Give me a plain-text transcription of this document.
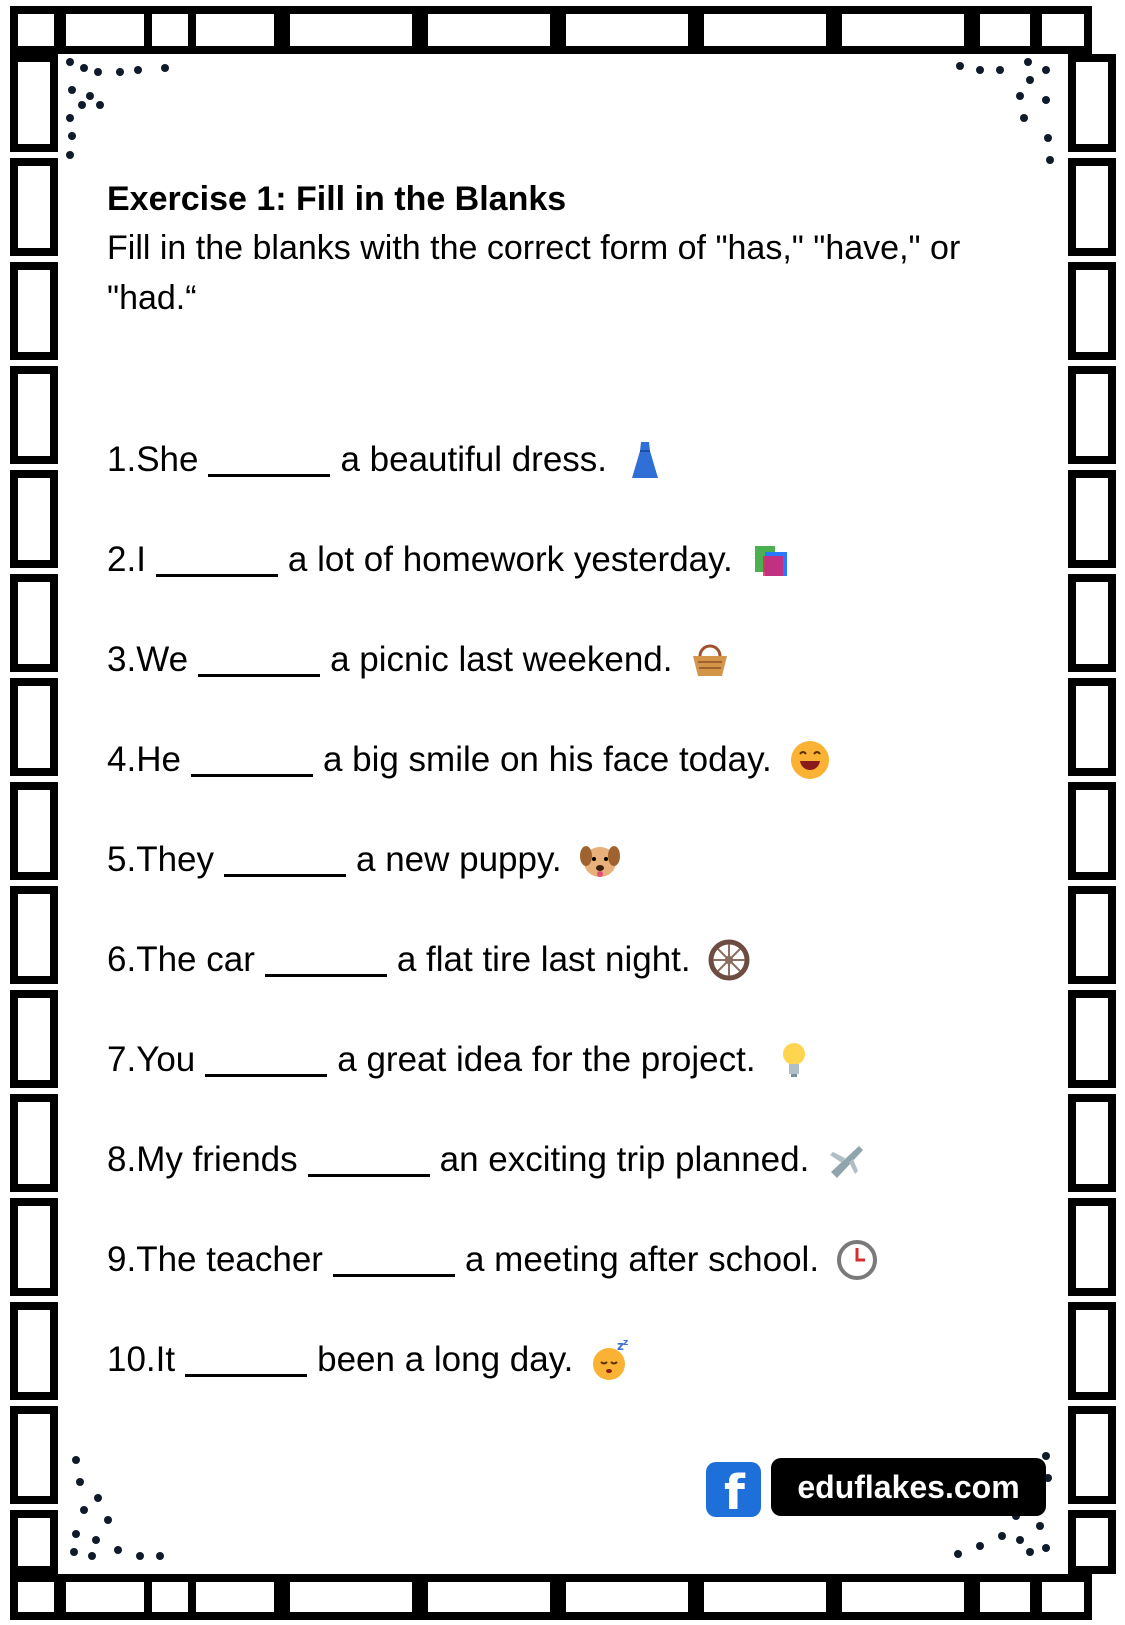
Exercise 1: Fill in the Blanks

Fill in the blanks with the correct form of "has," "have," or "had.“

1.She	a beautiful dress.
2.I	a lot of homework yesterday.
3.We	a picnic last weekend.
4.He	a big smile on his face today.
5.They	a new puppy.
6.The car	a flat tire last night.
7.You	a great idea for the project.
8.My friends	an exciting trip planned.
9.The teacher	a meeting after school.
10.It	been a long day.	z z
f	eduflakes.com
